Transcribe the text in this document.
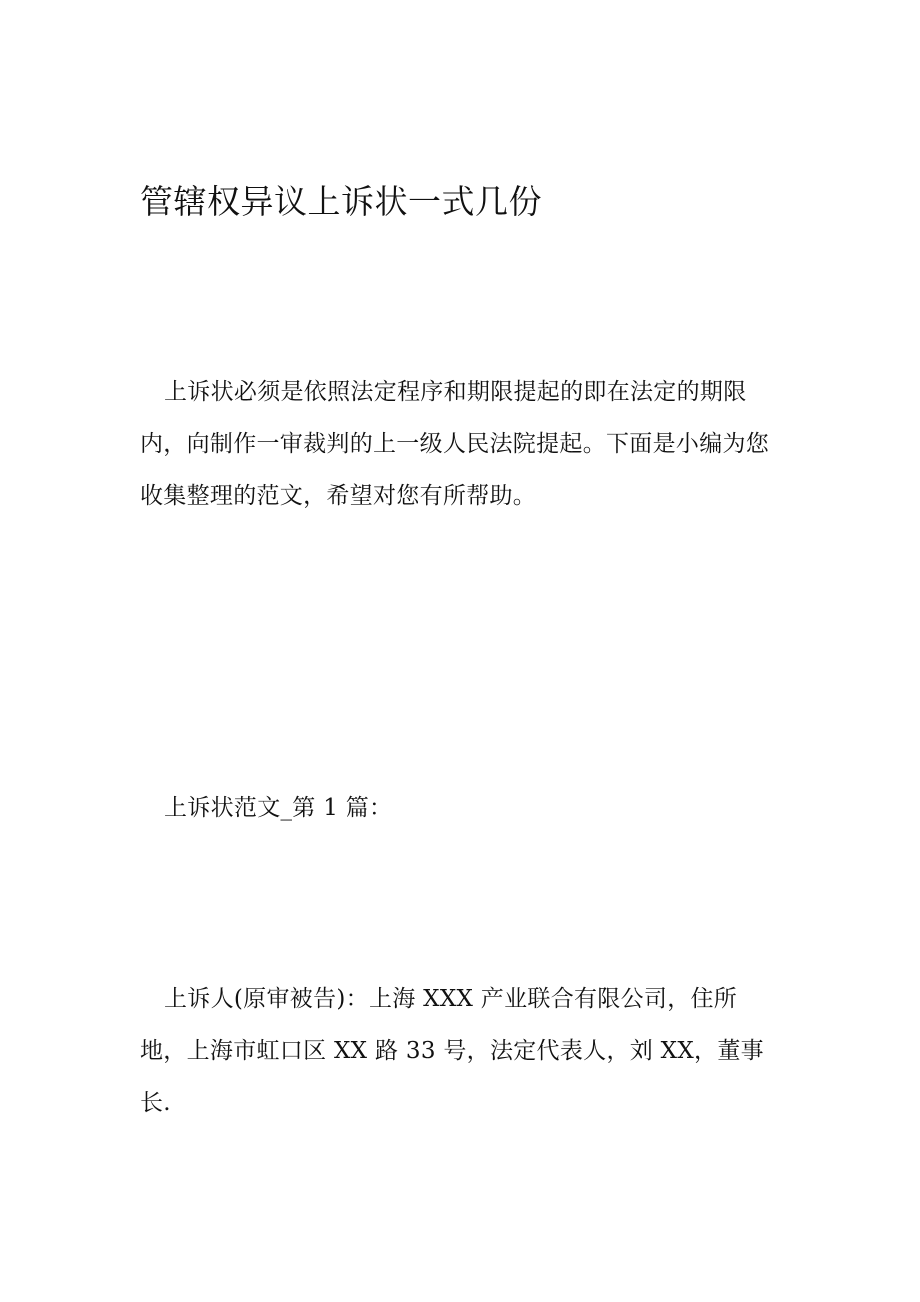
管辖权异议上诉状一式几份

上诉状必须是依照法定程序和期限提起的即在法定的期限内，向制作一审裁判的上一级人民法院提起。下面是小编为您收集整理的范文，希望对您有所帮助。

上诉状范文_第 1 篇：

上诉人(原审被告)：上海 XXX 产业联合有限公司，住所地，上海市虹口区 XX 路 33 号，法定代表人，刘 XX，董事长.
